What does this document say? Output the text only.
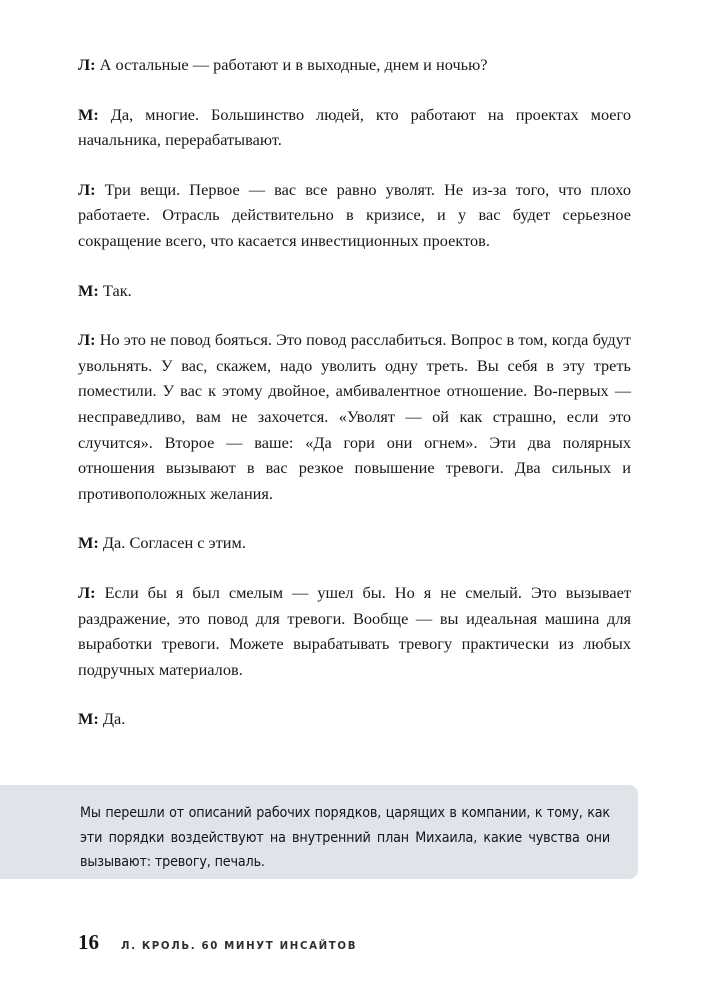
Л: А остальные — работают и в выходные, днем и ночью?

М: Да, многие. Большинство людей, кто работают на проектах моего начальника, перерабатывают.

Л: Три вещи. Первое — вас все равно уволят. Не из-за того, что плохо работаете. Отрасль действительно в кризисе, и у вас будет серьезное сокращение всего, что касается инвестиционных проектов.

М: Так.

Л: Но это не повод бояться. Это повод расслабиться. Вопрос в том, когда будут увольнять. У вас, скажем, надо уволить одну треть. Вы себя в эту треть поместили. У вас к этому двойное, амбивалентное отношение. Во-первых — несправедливо, вам не захочется. «Уволят — ой как страшно, если это случится». Второе — ваше: «Да гори они огнем». Эти два полярных отношения вызывают в вас резкое повышение тревоги. Два сильных и противоположных желания.

М: Да. Согласен с этим.

Л: Если бы я был смелым — ушел бы. Но я не смелый. Это вызывает раздражение, это повод для тревоги. Вообще — вы идеальная машина для выработки тревоги. Можете вырабатывать тревогу практически из любых подручных материалов.

М: Да.

Мы перешли от описаний рабочих порядков, царящих в компании, к тому, как эти порядки воздействуют на внутренний план Михаила, какие чувства они вызывают: тревогу, печаль.

16 Л. КРОЛЬ. 60 МИНУТ ИНСАЙТОВ
